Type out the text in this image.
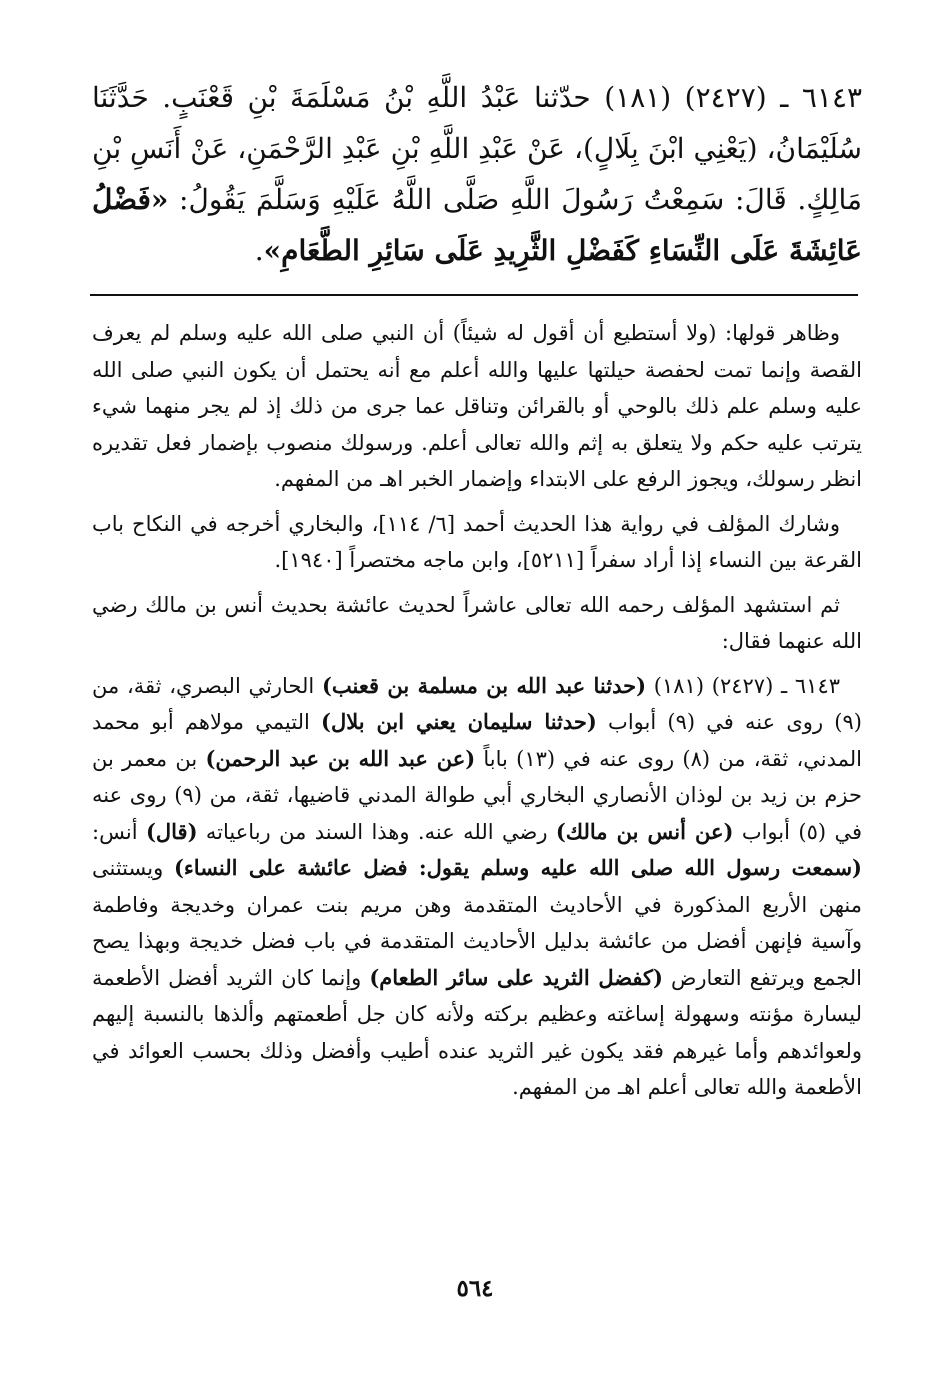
٦١٤٣ ـ (٢٤٢٧) (١٨١) حدّثنا عَبْدُ اللَّهِ بْنُ مَسْلَمَةَ بْنِ قَعْنَبٍ. حَدَّثَنَا سُلَيْمَانُ، (يَعْنِي ابْنَ بِلَالٍ)، عَنْ عَبْدِ اللَّهِ بْنِ عَبْدِ الرَّحْمَنِ، عَنْ أَنَسِ بْنِ مَالِكٍ. قَالَ: سَمِعْتُ رَسُولَ اللَّهِ صَلَّى اللَّهُ عَلَيْهِ وَسَلَّمَ يَقُولُ: «فَضْلُ عَائِشَةَ عَلَى النِّسَاءِ كَفَضْلِ الثَّرِيدِ عَلَى سَائِرِ الطَّعَامِ».

وظاهر قولها: (ولا أستطيع أن أقول له شيئاً) أن النبي صلى الله عليه وسلم لم يعرف القصة وإنما تمت لحفصة حيلتها عليها والله أعلم مع أنه يحتمل أن يكون النبي صلى الله عليه وسلم علم ذلك بالوحي أو بالقرائن وتناقل عما جرى من ذلك إذ لم يجر منهما شيء يترتب عليه حكم ولا يتعلق به إثم والله تعالى أعلم. ورسولك منصوب بإضمار فعل تقديره انظر رسولك، ويجوز الرفع على الابتداء وإضمار الخبر اهـ من المفهم.

وشارك المؤلف في رواية هذا الحديث أحمد [٦/ ١١٤]، والبخاري أخرجه في النكاح باب القرعة بين النساء إذا أراد سفراً [٥٢١١]، وابن ماجه مختصراً [١٩٤٠].

ثم استشهد المؤلف رحمه الله تعالى عاشراً لحديث عائشة بحديث أنس بن مالك رضي الله عنهما فقال:

٦١٤٣ ـ (٢٤٢٧) (١٨١) (حدثنا عبد الله بن مسلمة بن قعنب) الحارثي البصري، ثقة، من (٩) روى عنه في (٩) أبواب (حدثنا سليمان يعني ابن بلال) التيمي مولاهم أبو محمد المدني، ثقة، من (٨) روى عنه في (١٣) باباً (عن عبد الله بن عبد الرحمن) بن معمر بن حزم بن زيد بن لوذان الأنصاري البخاري أبي طوالة المدني قاضيها، ثقة، من (٩) روى عنه في (٥) أبواب (عن أنس بن مالك) رضي الله عنه. وهذا السند من رباعياته (قال) أنس: (سمعت رسول الله صلى الله عليه وسلم يقول: فضل عائشة على النساء) ويستثنى منهن الأربع المذكورة في الأحاديث المتقدمة وهن مريم بنت عمران وخديجة وفاطمة وآسية فإنهن أفضل من عائشة بدليل الأحاديث المتقدمة في باب فضل خديجة وبهذا يصح الجمع ويرتفع التعارض (كفضل الثريد على سائر الطعام) وإنما كان الثريد أفضل الأطعمة ليسارة مؤنته وسهولة إساغته وعظيم بركته ولأنه كان جل أطعمتهم وألذها بالنسبة إليهم ولعوائدهم وأما غيرهم فقد يكون غير الثريد عنده أطيب وأفضل وذلك بحسب العوائد في الأطعمة والله تعالى أعلم اهـ من المفهم.

٥٦٤
